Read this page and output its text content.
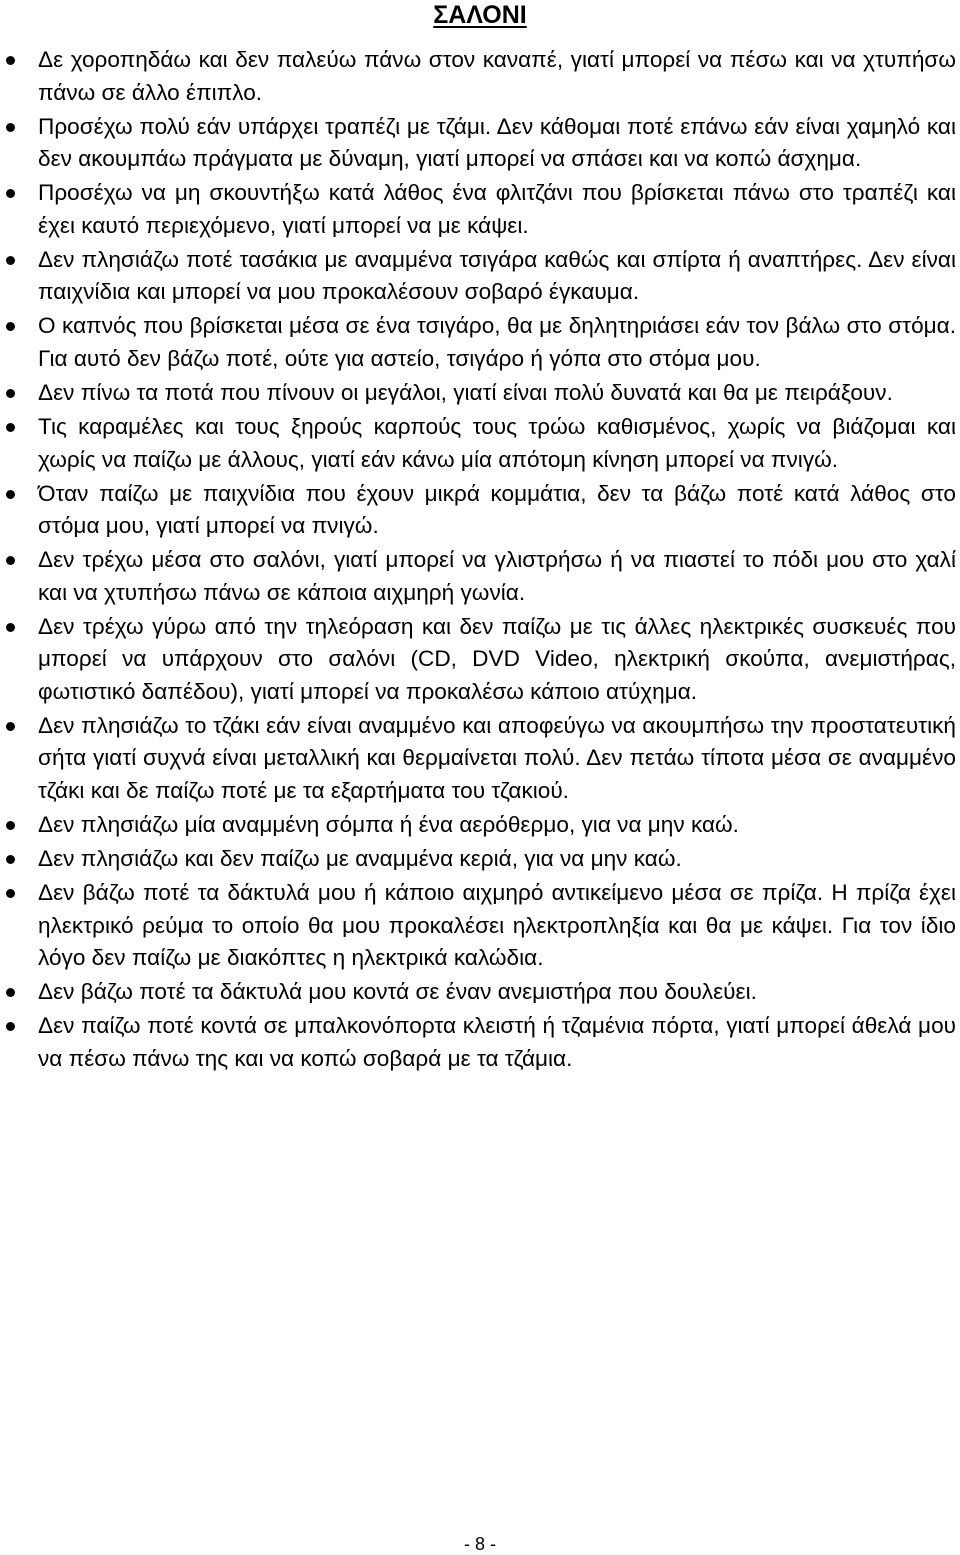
ΣΑΛΟΝΙ
Δε χοροπηδάω και δεν παλεύω πάνω στον καναπέ, γιατί μπορεί να πέσω και να χτυπήσω πάνω σε άλλο έπιπλο.
Προσέχω πολύ εάν υπάρχει τραπέζι με τζάμι. Δεν κάθομαι ποτέ επάνω εάν είναι χαμηλό και δεν ακουμπάω πράγματα με δύναμη, γιατί μπορεί να σπάσει και να κοπώ άσχημα.
Προσέχω να μη σκουντήξω κατά λάθος ένα φλιτζάνι που βρίσκεται πάνω στο τραπέζι και έχει καυτό περιεχόμενο, γιατί μπορεί να με κάψει.
Δεν πλησιάζω ποτέ τασάκια με αναμμένα τσιγάρα καθώς και σπίρτα ή αναπτήρες. Δεν είναι παιχνίδια και μπορεί να μου προκαλέσουν σοβαρό έγκαυμα.
Ο καπνός που βρίσκεται μέσα σε ένα τσιγάρο, θα με δηλητηριάσει εάν τον βάλω στο στόμα. Για αυτό δεν βάζω ποτέ, ούτε για αστείο, τσιγάρο ή γόπα στο στόμα μου.
Δεν πίνω τα ποτά που πίνουν οι μεγάλοι, γιατί είναι πολύ δυνατά και θα με πειράξουν.
Τις καραμέλες και τους ξηρούς καρπούς τους τρώω καθισμένος, χωρίς να βιάζομαι και χωρίς να παίζω με άλλους, γιατί εάν κάνω μία απότομη κίνηση μπορεί να πνιγώ.
Όταν παίζω με παιχνίδια που έχουν μικρά κομμάτια, δεν τα βάζω ποτέ κατά λάθος στο στόμα μου, γιατί μπορεί να πνιγώ.
Δεν τρέχω μέσα στο σαλόνι, γιατί μπορεί να γλιστρήσω ή να πιαστεί το πόδι μου στο χαλί και να χτυπήσω πάνω σε κάποια αιχμηρή γωνία.
Δεν τρέχω γύρω από την τηλεόραση και δεν παίζω με τις άλλες ηλεκτρικές συσκευές που μπορεί να υπάρχουν στο σαλόνι (CD, DVD Video, ηλεκτρική σκούπα, ανεμιστήρας, φωτιστικό δαπέδου), γιατί μπορεί να προκαλέσω κάποιο ατύχημα.
Δεν πλησιάζω το τζάκι εάν είναι αναμμένο και αποφεύγω να ακουμπήσω την προστατευτική σήτα γιατί συχνά είναι μεταλλική και θερμαίνεται πολύ. Δεν πετάω τίποτα μέσα σε αναμμένο τζάκι και δε παίζω ποτέ με τα εξαρτήματα του τζακιού.
Δεν πλησιάζω μία αναμμένη σόμπα ή ένα αερόθερμο, για να μην καώ.
Δεν πλησιάζω και δεν παίζω με αναμμένα κεριά, για να μην καώ.
Δεν βάζω ποτέ τα δάκτυλά μου ή κάποιο αιχμηρό αντικείμενο μέσα σε πρίζα. Η πρίζα έχει ηλεκτρικό ρεύμα το οποίο θα μου προκαλέσει ηλεκτροπληξία και θα με κάψει. Για τον ίδιο λόγο δεν παίζω με διακόπτες η ηλεκτρικά καλώδια.
Δεν βάζω ποτέ τα δάκτυλά μου κοντά σε έναν ανεμιστήρα που δουλεύει.
Δεν παίζω ποτέ κοντά σε μπαλκονόπορτα κλειστή ή τζαμένια πόρτα, γιατί μπορεί άθελά μου να πέσω πάνω της και να κοπώ σοβαρά με τα τζάμια.
- 8 -
